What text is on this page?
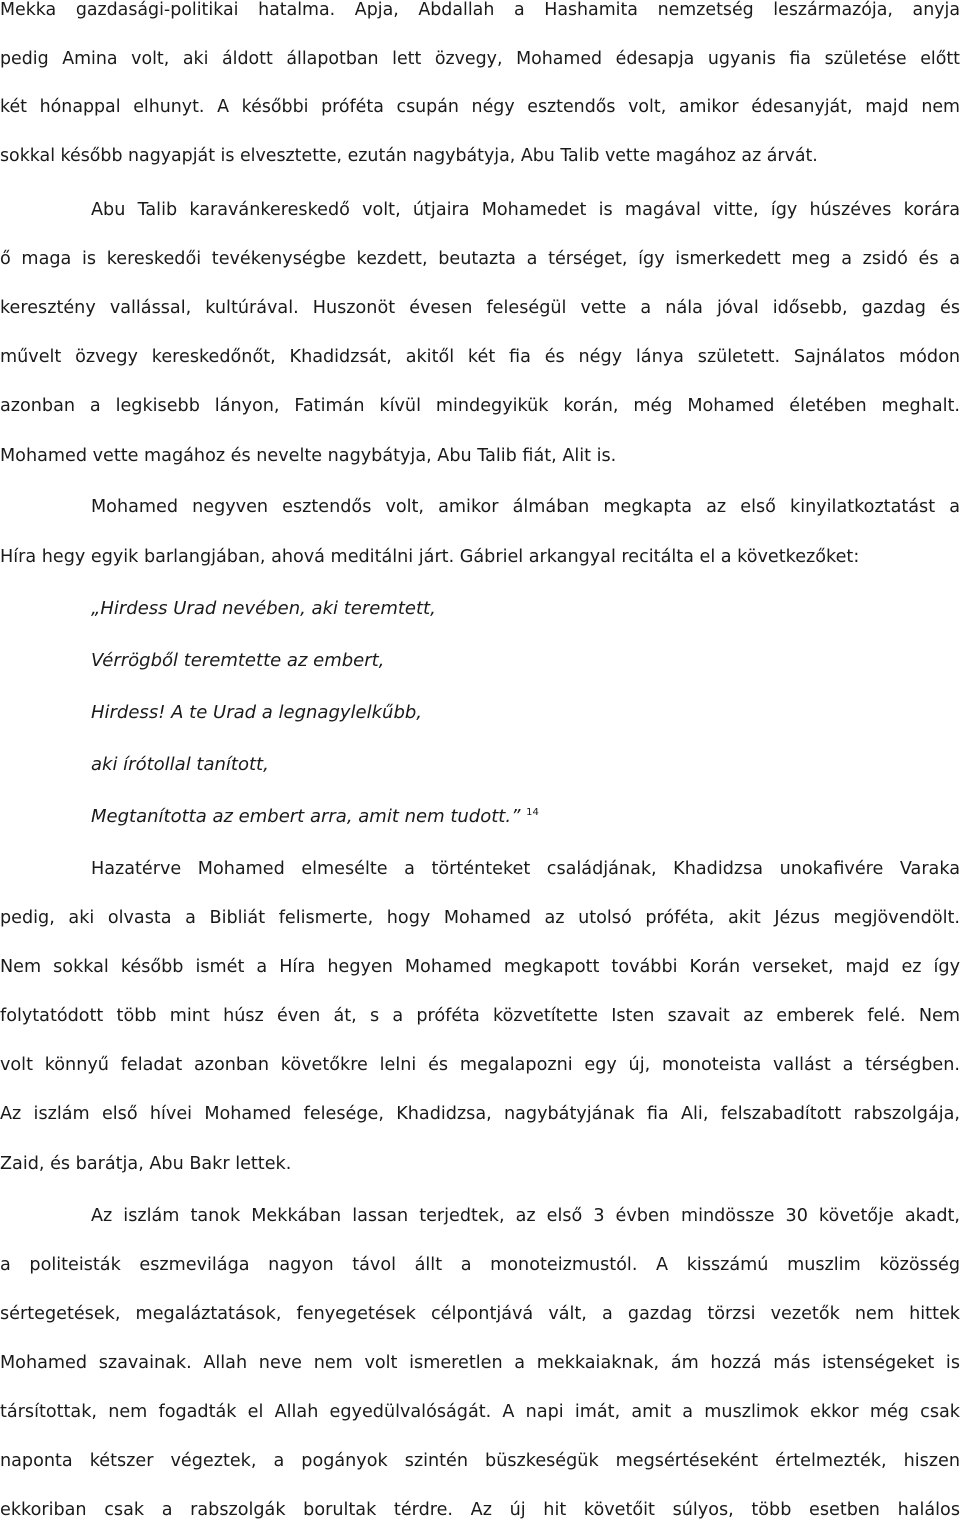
Mekka gazdasági-politikai hatalma. Apja, Abdallah a Hashamita nemzetség leszármazója, anyja
pedig Amina volt, aki áldott állapotban lett özvegy, Mohamed édesapja ugyanis fia születése előtt
két hónappal elhunyt. A későbbi próféta csupán négy esztendős volt, amikor édesanyját, majd nem
sokkal később nagyapját is elvesztette, ezután nagybátyja, Abu Talib vette magához az árvát.
Abu Talib karavánkereskedő volt, útjaira Mohamedet is magával vitte, így húszéves korára
ő maga is kereskedői tevékenységbe kezdett, beutazta a térséget, így ismerkedett meg a zsidó és a
keresztény vallással, kultúrával. Huszonöt évesen feleségül vette a nála jóval idősebb, gazdag és
művelt özvegy kereskedőnőt, Khadidzsát, akitől két fia és négy lánya született. Sajnálatos módon
azonban a legkisebb lányon, Fatimán kívül mindegyikük korán, még Mohamed életében meghalt.
Mohamed vette magához és nevelte nagybátyja, Abu Talib fiát, Alit is.
Mohamed negyven esztendős volt, amikor álmában megkapta az első kinyilatkoztatást a
Híra hegy egyik barlangjában, ahová meditálni járt. Gábriel arkangyal recitálta el a következőket:
„Hirdess Urad nevében, aki teremtett,
Vérrögből teremtette az embert,
Hirdess! A te Urad a legnagylelkűbb,
aki írótollal tanított,
Megtanította az embert arra, amit nem tudott.” $^{14}$
Hazatérve Mohamed elmesélte a történteket családjának, Khadidzsa unokafivére Varaka
pedig, aki olvasta a Bibliát felismerte, hogy Mohamed az utolsó próféta, akit Jézus megjövendölt.
Nem sokkal később ismét a Híra hegyen Mohamed megkapott további Korán verseket, majd ez így
folytatódott több mint húsz éven át, s a próféta közvetítette Isten szavait az emberek felé. Nem
volt könnyű feladat azonban követőkre lelni és megalapozni egy új, monoteista vallást a térségben.
Az iszlám első hívei Mohamed felesége, Khadidzsa, nagybátyjának fia Ali, felszabadított rabszolgája,
Zaid, és barátja, Abu Bakr lettek.
Az iszlám tanok Mekkában lassan terjedtek, az első 3 évben mindössze 30 követője akadt,
a politeisták eszmevilága nagyon távol állt a monoteizmustól. A kisszámú muszlim közösség
sértegetések, megaláztatások, fenyegetések célpontjává vált, a gazdag törzsi vezetők nem hittek
Mohamed szavainak. Allah neve nem volt ismeretlen a mekkaiaknak, ám hozzá más istenségeket is
társítottak, nem fogadták el Allah egyedülvalóságát. A napi imát, amit a muszlimok ekkor még csak
naponta kétszer végeztek, a pogányok szintén büszkeségük megsértéseként értelmezték, hiszen
ekkoriban csak a rabszolgák borultak térdre. Az új hit követőit súlyos, több esetben halálos
